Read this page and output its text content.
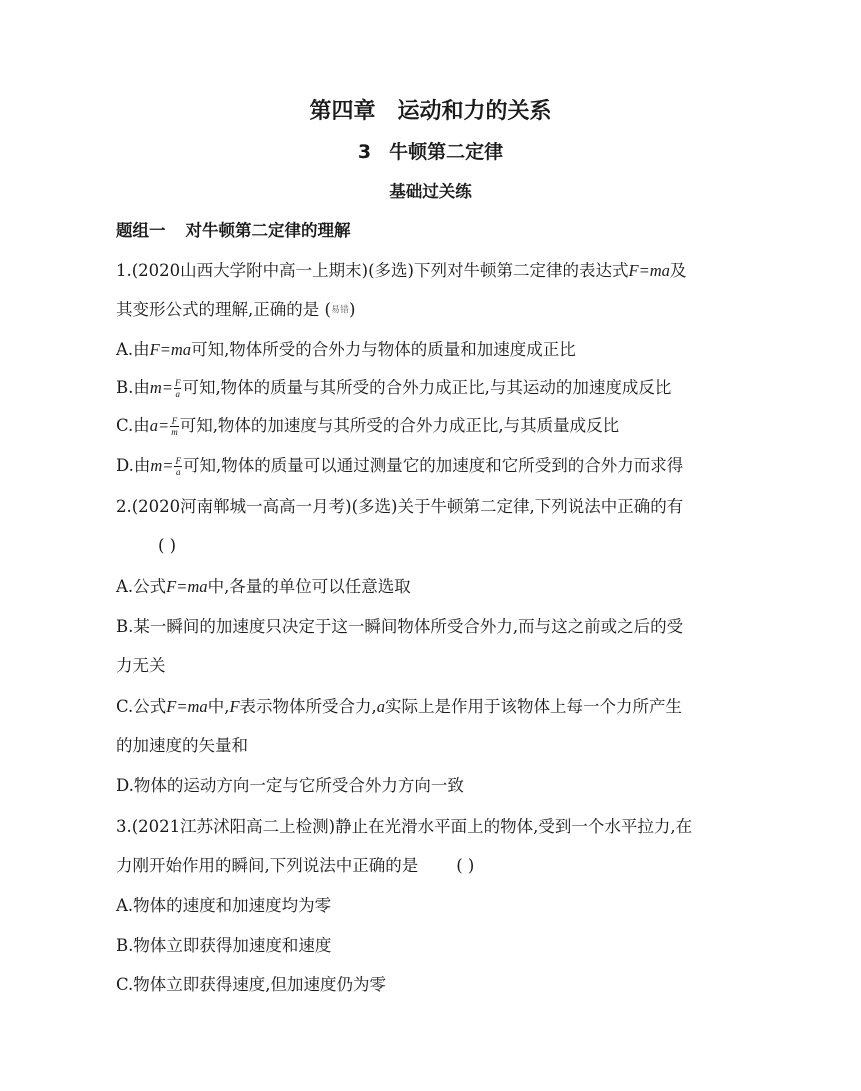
第四章 运动和力的关系
3 牛顿第二定律
基础过关练
题组一 对牛顿第二定律的理解
1.(2020山西大学附中高一上期末)(多选)下列对牛顿第二定律的表达式F=ma及
其变形公式的理解,正确的是 (易错)
A.由F=ma可知,物体所受的合外力与物体的质量和加速度成正比
B.由$m= \frac{F}{a}$ 可知,物体的质量与其所受的合外力成正比,与其运动的加速度成反比
C.由$a= \frac{F}{m}$ 可知,物体的加速度与其所受的合外力成正比,与其质量成反比
D.由$m= \frac{F}{a}$ 可知,物体的质量可以通过测量它的加速度和它所受到的合外力而求得
2.(2020河南郸城一高高一月考)(多选)关于牛顿第二定律,下列说法中正确的有
( )
A.公式F=ma中,各量的单位可以任意选取
B.某一瞬间的加速度只决定于这一瞬间物体所受合外力,而与这之前或之后的受
力无关
C.公式F=ma中,F表示物体所受合力,a实际上是作用于该物体上每一个力所产生
的加速度的矢量和
D.物体的运动方向一定与它所受合外力方向一致
3.(2021江苏沭阳高二上检测)静止在光滑水平面上的物体,受到一个水平拉力,在
力刚开始作用的瞬间,下列说法中正确的是 ( )
A.物体的速度和加速度均为零
B.物体立即获得加速度和速度
C.物体立即获得速度,但加速度仍为零
